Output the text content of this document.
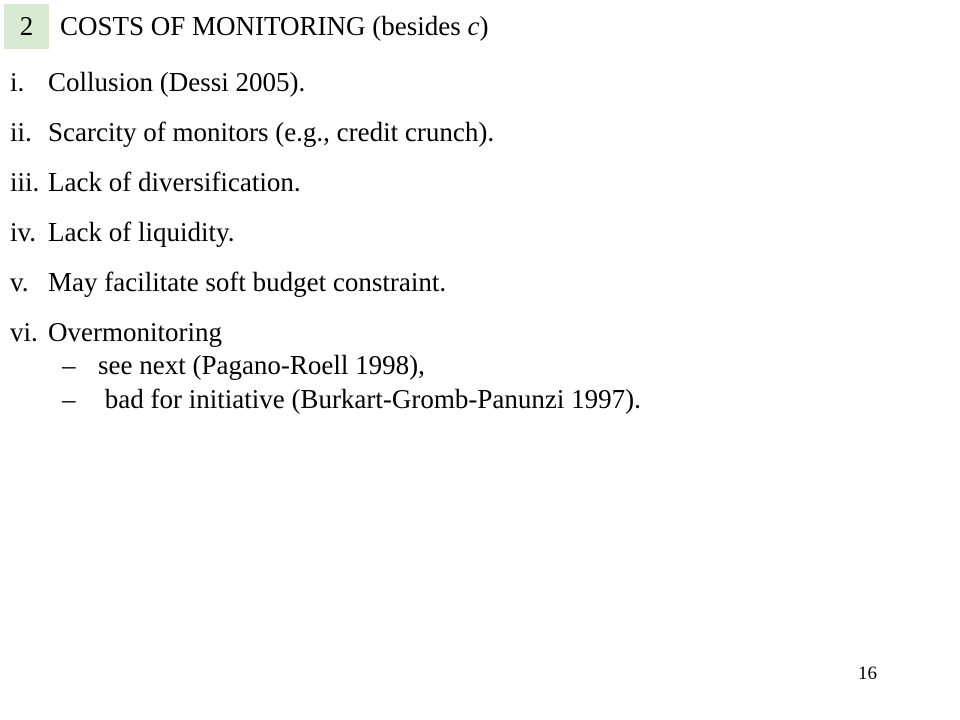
2 COSTS OF MONITORING (besides c)
i. Collusion (Dessi 2005).
ii. Scarcity of monitors (e.g., credit crunch).
iii. Lack of diversification.
iv. Lack of liquidity.
v. May facilitate soft budget constraint.
vi. Overmonitoring
– see next (Pagano-Roell 1998),
– bad for initiative (Burkart-Gromb-Panunzi 1997).
16
